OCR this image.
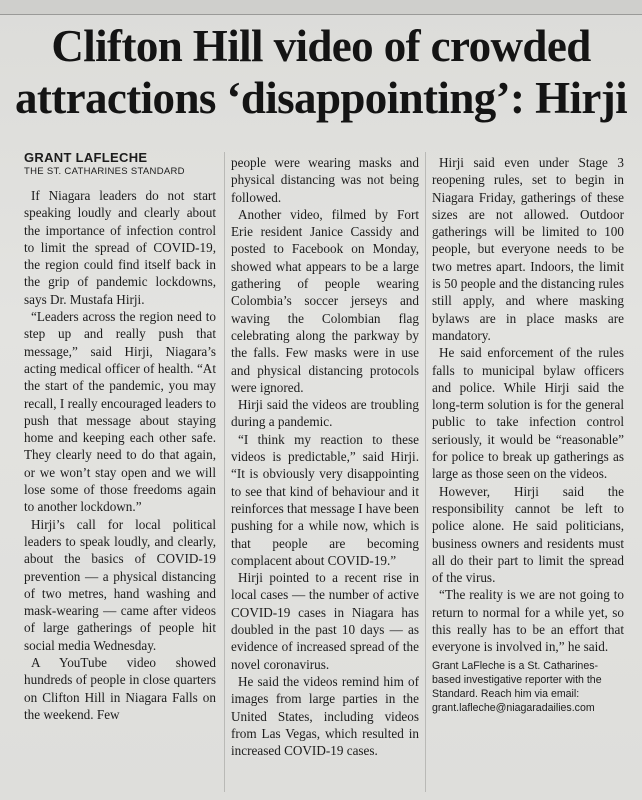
Clifton Hill video of crowded
attractions ‘disappointing’: Hirji
GRANT LAFLECHE
THE ST. CATHARINES STANDARD

If Niagara leaders do not start speaking loudly and clearly about the importance of infection control to limit the spread of COVID-19, the region could find itself back in the grip of pandemic lockdowns, says Dr. Mustafa Hirji.

“Leaders across the region need to step up and really push that message,” said Hirji, Niagara’s acting medical officer of health. “At the start of the pandemic, you may recall, I really encouraged leaders to push that message about staying home and keeping each other safe. They clearly need to do that again, or we won’t stay open and we will lose some of those freedoms again to another lockdown.”

Hirji’s call for local political leaders to speak loudly, and clearly, about the basics of COVID-19 prevention — a physical distancing of two metres, hand washing and mask-wearing — came after videos of large gatherings of people hit social media Wednesday.

A YouTube video showed hundreds of people in close quarters on Clifton Hill in Niagara Falls on the weekend. Few

people were wearing masks and physical distancing was not being followed.

Another video, filmed by Fort Erie resident Janice Cassidy and posted to Facebook on Monday, showed what appears to be a large gathering of people wearing Colombia’s soccer jerseys and waving the Colombian flag celebrating along the parkway by the falls. Few masks were in use and physical distancing protocols were ignored.

Hirji said the videos are troubling during a pandemic.

“I think my reaction to these videos is predictable,” said Hirji. “It is obviously very disappointing to see that kind of behaviour and it reinforces that message I have been pushing for a while now, which is that people are becoming complacent about COVID-19.”

Hirji pointed to a recent rise in local cases — the number of active COVID-19 cases in Niagara has doubled in the past 10 days — as evidence of increased spread of the novel coronavirus.

He said the videos remind him of images from large parties in the United States, including videos from Las Vegas, which resulted in increased COVID-19 cases.

Hirji said even under Stage 3 reopening rules, set to begin in Niagara Friday, gatherings of these sizes are not allowed. Outdoor gatherings will be limited to 100 people, but everyone needs to be two metres apart. Indoors, the limit is 50 people and the distancing rules still apply, and where masking bylaws are in place masks are mandatory.

He said enforcement of the rules falls to municipal bylaw officers and police. While Hirji said the long-term solution is for the general public to take infection control seriously, it would be “reasonable” for police to break up gatherings as large as those seen on the videos.

However, Hirji said the responsibility cannot be left to police alone. He said politicians, business owners and residents must all do their part to limit the spread of the virus.

“The reality is we are not going to return to normal for a while yet, so this really has to be an effort that everyone is involved in,” he said.

Grant LaFleche is a St. Catharines-based investigative reporter with the Standard. Reach him via email: grant.lafleche@niagaradailies.com
